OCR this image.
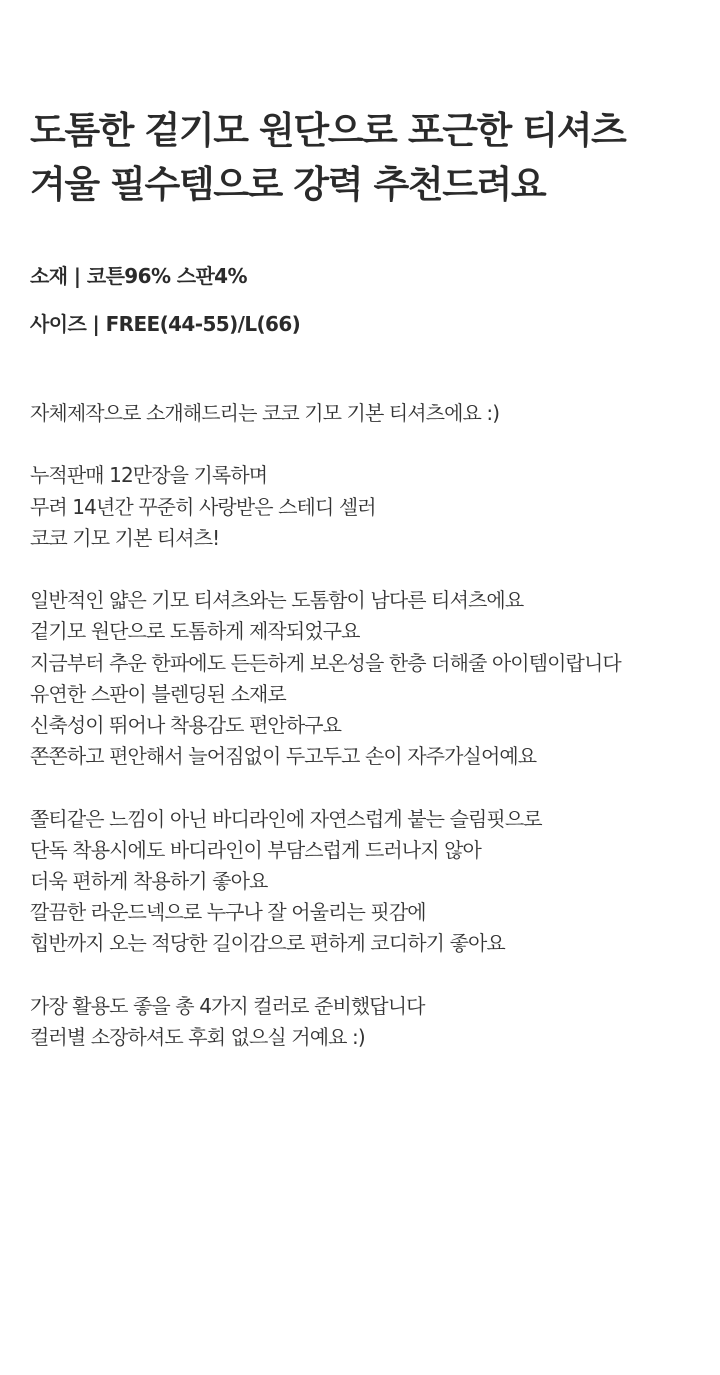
도톰한 겉기모 원단으로 포근한 티셔츠
겨울 필수템으로 강력 추천드려요
소재 | 코튼96% 스판4%
사이즈 | FREE(44-55)/L(66)

자체제작으로 소개해드리는 코코 기모 기본 티셔츠에요 :)

누적판매 12만장을 기록하며
무려 14년간 꾸준히 사랑받은 스테디 셀러
코코 기모 기본 티셔츠!

일반적인 얇은 기모 티셔츠와는 도톰함이 남다른 티셔츠에요
겉기모 원단으로 도톰하게 제작되었구요
지금부터 추운 한파에도 든든하게 보온성을 한층 더해줄 아이템이랍니다
유연한 스판이 블렌딩된 소재로
신축성이 뛰어나 착용감도 편안하구요
쫀쫀하고 편안해서 늘어짐없이 두고두고 손이 자주가실어예요

쫄티같은 느낌이 아닌 바디라인에 자연스럽게 붙는 슬림핏으로
단독 착용시에도 바디라인이 부담스럽게 드러나지 않아
더욱 편하게 착용하기 좋아요
깔끔한 라운드넥으로 누구나 잘 어울리는 핏감에
힙반까지 오는 적당한 길이감으로 편하게 코디하기 좋아요

가장 활용도 좋을 총 4가지 컬러로 준비했답니다
컬러별 소장하셔도 후회 없으실 거예요 :)
